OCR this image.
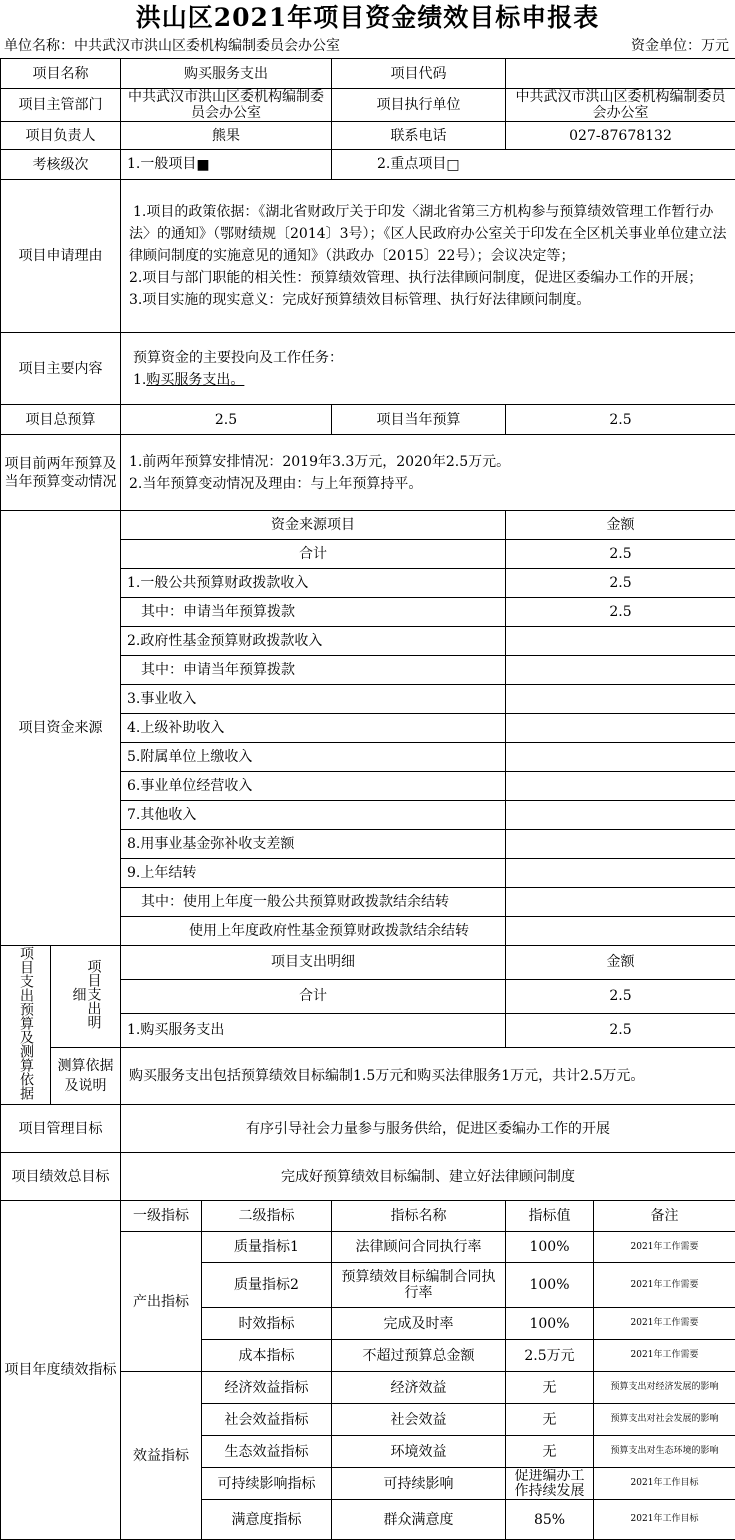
洪山区2021年项目资金绩效目标申报表
单位名称：中共武汉市洪山区委机构编制委员会办公室	资金单位：万元
项目名称		购买服务支出		项目代码		
项目主管部门		中共武汉市洪山区委机构编制委员会办公室		项目执行单位	中共武汉市洪山区委机构编制委员会办公室	

项目负责人		熊果		联系电话	027-87678132	
考核级次		1.一般项目■		2.重点项目□		
项目申请理由		1.项目的政策依据：《湖北省财政厅关于印发〈湖北省第三方机构参与预算绩效管理工作暂行办法〉的通知》（鄂财绩规〔2014〕3号）；《区人民政府办公室关于印发在全区机关事业单位建立法律顾问制度的实施意见的通知》（洪政办〔2015〕22号）；会议决定等；
2.项目与部门职能的相关性：预算绩效管理、执行法律顾问制度，促进区委编办工作的开展；
3.项目实施的现实意义：完成好预算绩效目标管理、执行好法律顾问制度。				

项目主要内容		预算资金的主要投向及工作任务：
1.购买服务支出。				

项目总预算		2.5		项目当年预算	2.5	
项目前两年预算及当年预算变动情况		1.前两年预算安排情况：2019年3.3万元，2020年2.5万元。
2.当年预算变动情况及理由：与上年预算持平。				

项目资金来源		资金来源项目			金额	
		合计			2.5	
		1.一般公共预算财政拨款收入			2.5	
		其中：申请当年预算拨款			2.5	
		2.政府性基金预算财政拨款收入				
		其中：申请当年预算拨款				
		3.事业收入				
		4.上级补助收入				
		5.附属单位上缴收入				
		6.事业单位经营收入				
		7.其他收入				
		8.用事业基金弥补收支差额				
		9.上年结转				
		其中：使用上年度一般公共预算财政拨款结余结转				
		使用上年度政府性基金预算财政拨款结余结转				
项目支出预算及测算依据	项目支出明细	项目支出明细			金额	
		合计			2.5	
		1.购买服务支出			2.5	
	测算依据及说明	购买服务支出包括预算绩效目标编制1.5万元和购买法律服务1万元，共计2.5万元。				
项目管理目标		有序引导社会力量参与服务供给，促进区委编办工作的开展				
项目绩效总目标		完成好预算绩效目标编制、建立好法律顾问制度				
项目年度绩效指标		一级指标	二级指标	指标名称	指标值	备注
		产出指标	质量指标1	法律顾问合同执行率	100%	2021年工作需要
			质量指标2	预算绩效目标编制合同执行率	100%	2021年工作需要
			时效指标	完成及时率	100%	2021年工作需要
			成本指标	不超过预算总金额	2.5万元	2021年工作需要
		效益指标	经济效益指标	经济效益	无	预算支出对经济发展的影响
			社会效益指标	社会效益	无	预算支出对社会发展的影响
			生态效益指标	环境效益	无	预算支出对生态环境的影响
			可持续影响指标	可持续影响	促进编办工作持续发展	2021年工作目标
			满意度指标	群众满意度	85%	2021年工作目标
